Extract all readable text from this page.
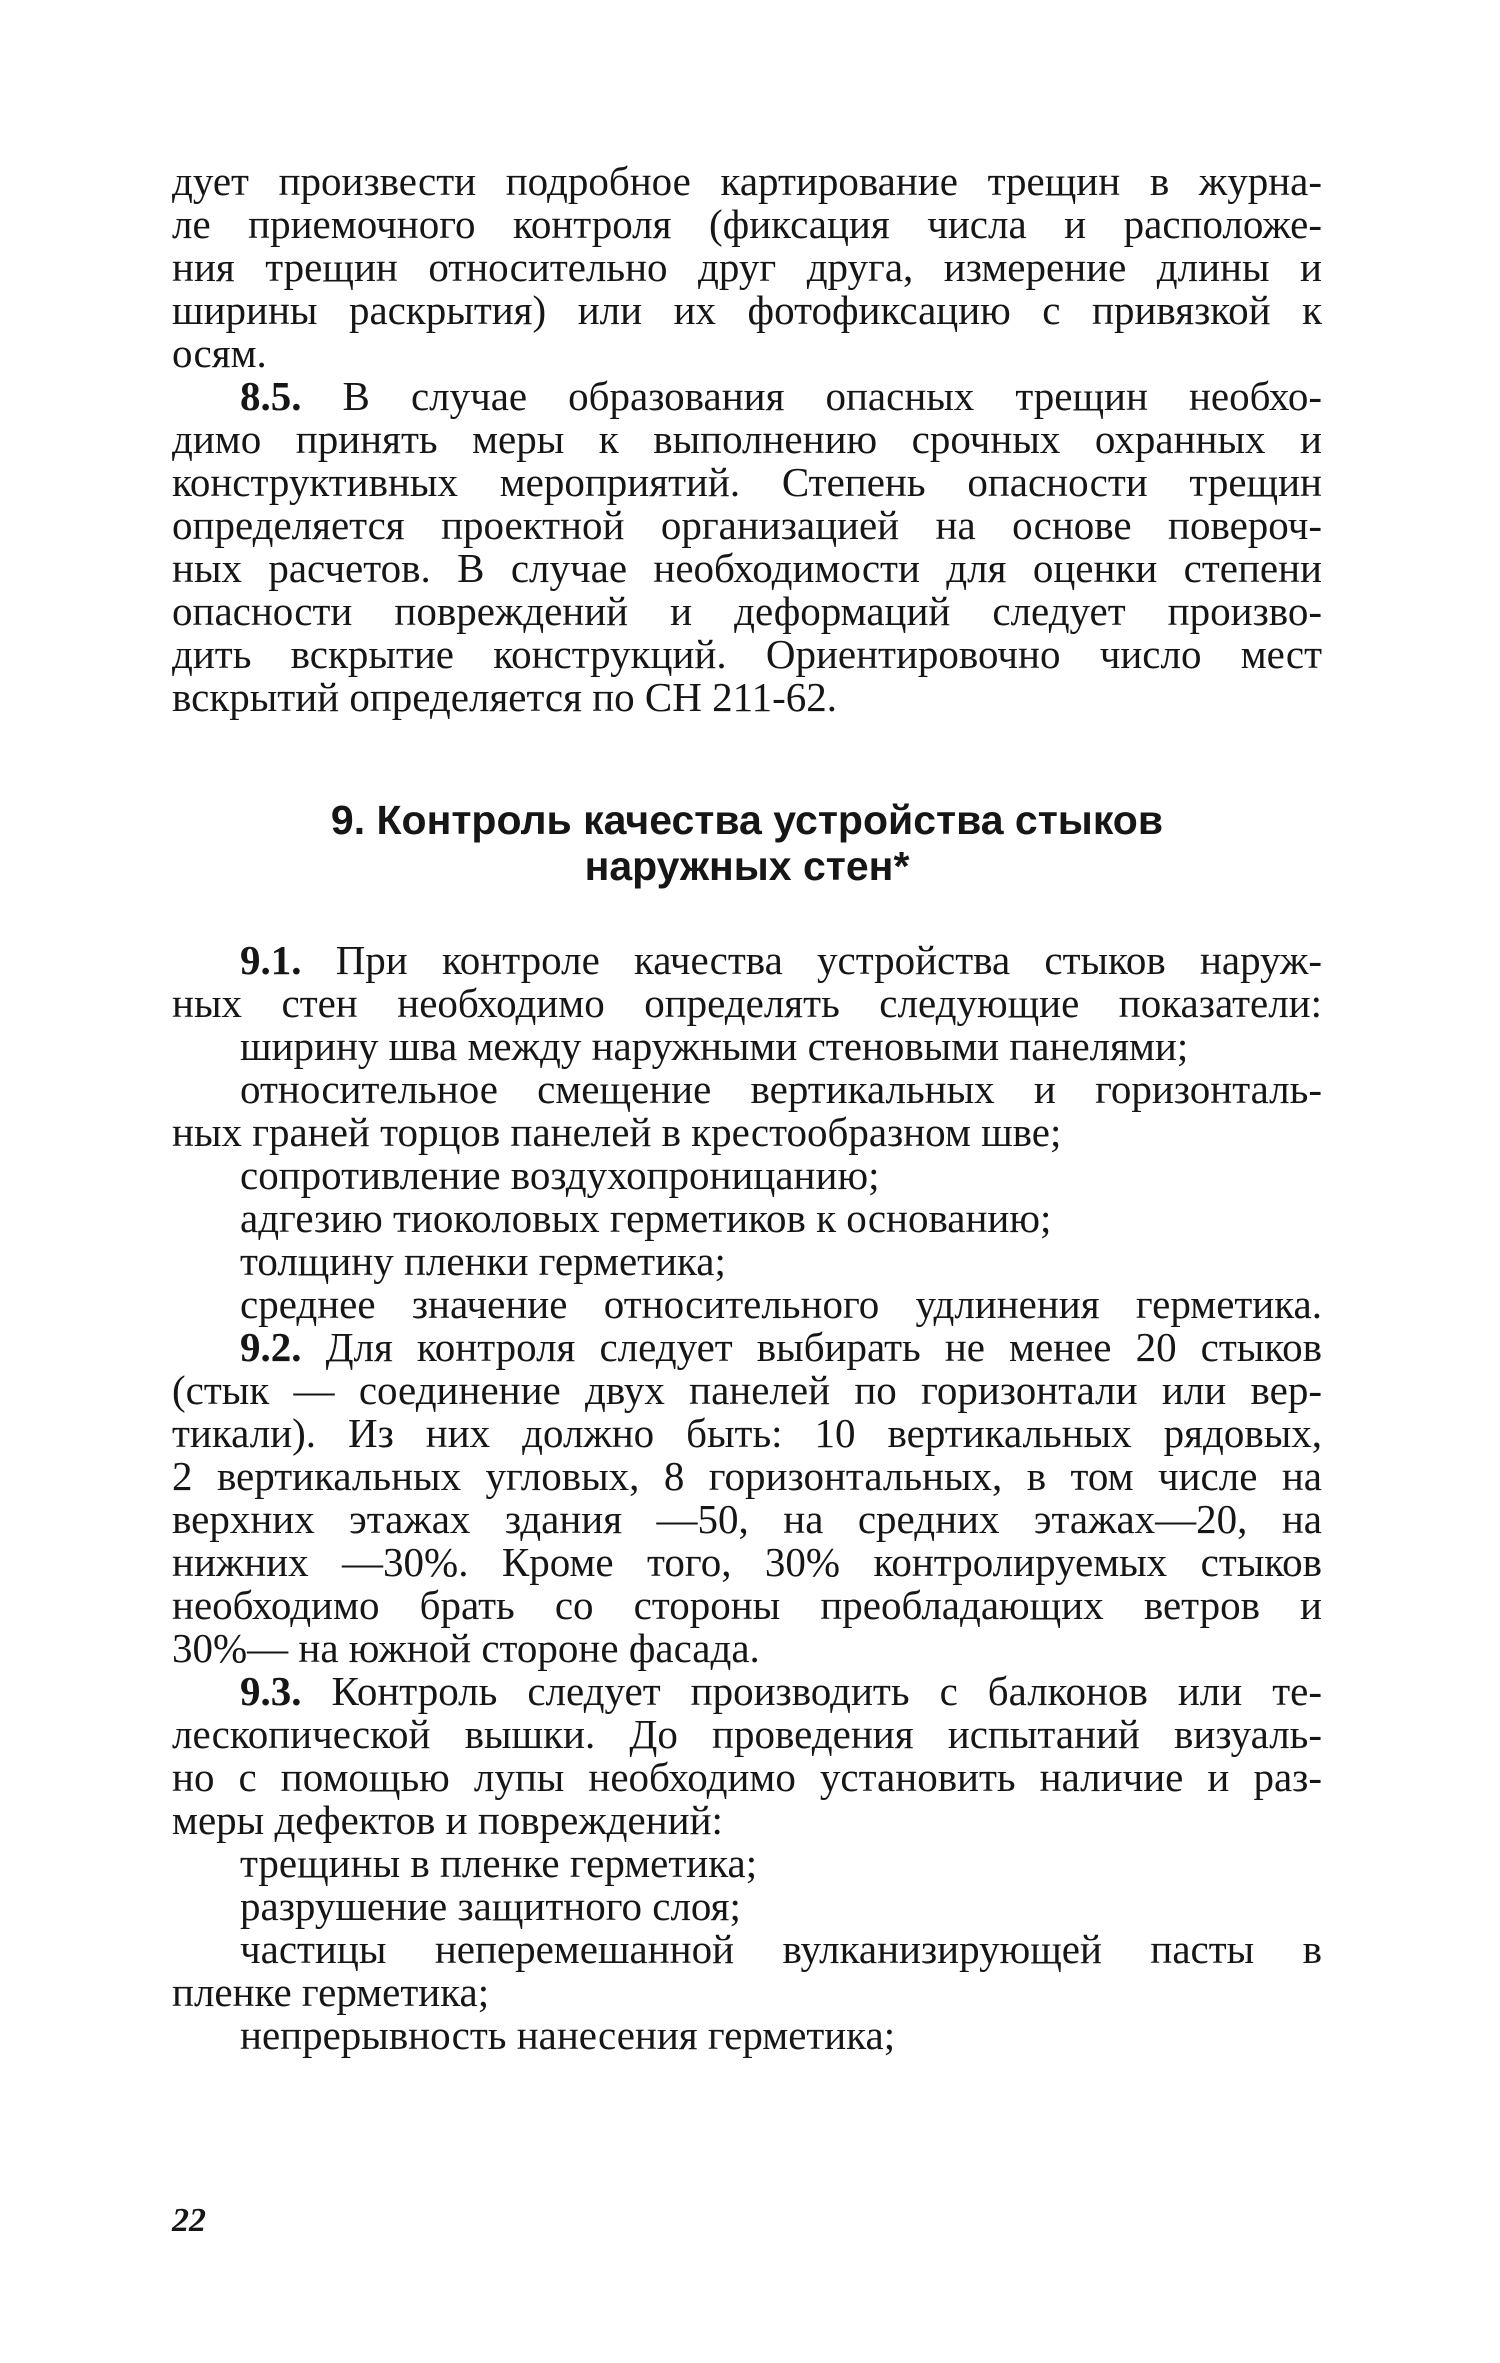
дует произвести подробное картирование трещин в журна-
ле приемочного контроля (фиксация числа и расположе-
ния трещин относительно друг друга, измерение длины и
ширины раскрытия) или их фотофиксацию с привязкой к
осям.
8.5. В случае образования опасных трещин необхо-
димо принять меры к выполнению срочных охранных и
конструктивных мероприятий. Степень опасности трещин
определяется проектной организацией на основе повероч-
ных расчетов. В случае необходимости для оценки степени
опасности повреждений и деформаций следует произво-
дить вскрытие конструкций. Ориентировочно число мест
вскрытий определяется по СН 211-62.
9. Контроль качества устройства стыков
наружных стен*
9.1. При контроле качества устройства стыков наруж-
ных стен необходимо определять следующие показатели:
ширину шва между наружными стеновыми панелями;
относительное смещение вертикальных и горизонталь-
ных граней торцов панелей в крестообразном шве;
сопротивление воздухопроницанию;
адгезию тиоколовых герметиков к основанию;
толщину пленки герметика;
среднее значение относительного удлинения герметика.
9.2. Для контроля следует выбирать не менее 20 стыков
(стык — соединение двух панелей по горизонтали или вер-
тикали). Из них должно быть: 10 вертикальных рядовых,
2 вертикальных угловых, 8 горизонтальных, в том числе на
верхних этажах здания —50, на средних этажах—20, на
нижних —30%. Кроме того, 30% контролируемых стыков
необходимо брать со стороны преобладающих ветров и
30%— на южной стороне фасада.
9.3. Контроль следует производить с балконов или те-
лескопической вышки. До проведения испытаний визуаль-
но с помощью лупы необходимо установить наличие и раз-
меры дефектов и повреждений:
трещины в пленке герметика;
разрушение защитного слоя;
частицы неперемешанной вулканизирующей пасты в
пленке герметика;
непрерывность нанесения герметика;
22
